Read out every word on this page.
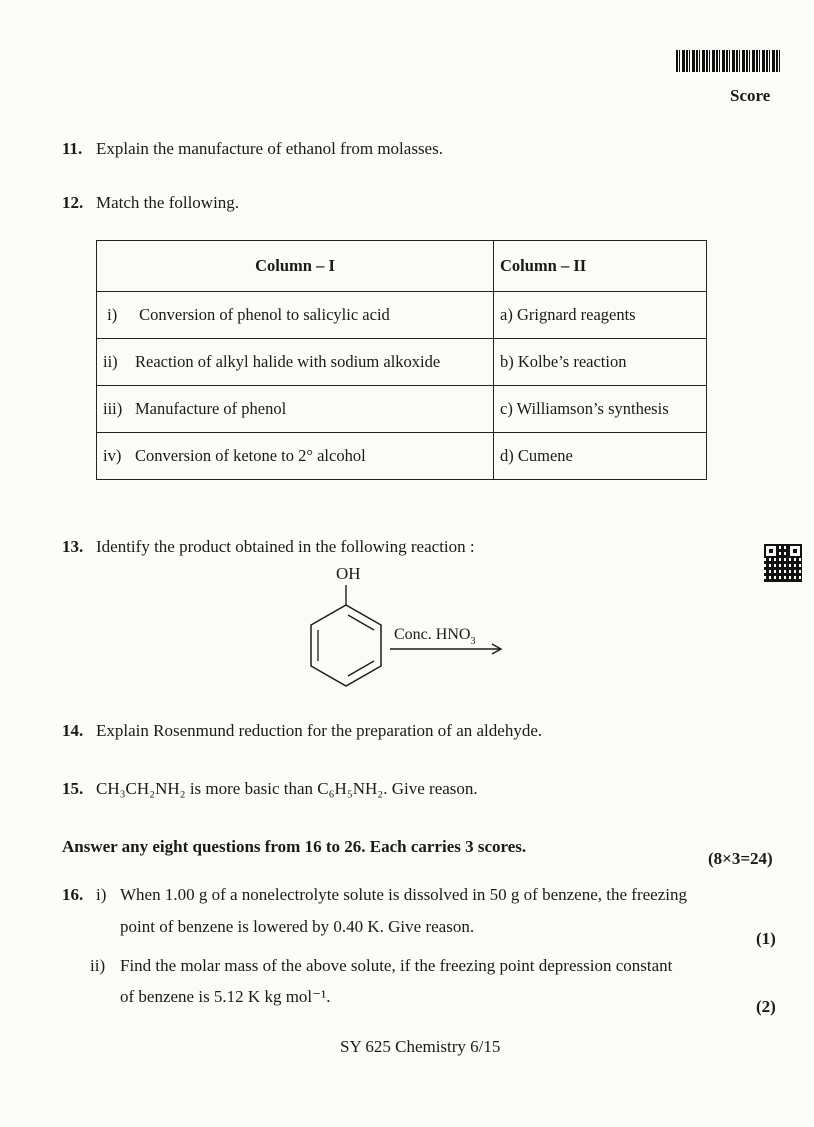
Score
11. Explain the manufacture of ethanol from molasses.
12. Match the following.
Column – I	Column – II
i) Conversion of phenol to salicylic acid	a) Grignard reagents
ii) Reaction of alkyl halide with sodium alkoxide	b) Kolbe’s reaction
iii) Manufacture of phenol	c) Williamson’s synthesis
iv) Conversion of ketone to 2° alcohol	d) Cumene
13. Identify the product obtained in the following reaction :
OH
Conc. $HNO_3$
14. Explain Rosenmund reduction for the preparation of an aldehyde.
15. CH₃CH₂NH₂ is more basic than C₆H₅NH₂. Give reason.
Answer any eight questions from 16 to 26. Each carries 3 scores.
(8×3=24)
16. i) When 1.00 g of a nonelectrolyte solute is dissolved in 50 g of benzene, the freezing
point of benzene is lowered by 0.40 K. Give reason.
(1)
ii) Find the molar mass of the above solute, if the freezing point depression constant
of benzene is 5.12 K kg mol⁻¹.
(2)
SY 625 Chemistry 6/15
